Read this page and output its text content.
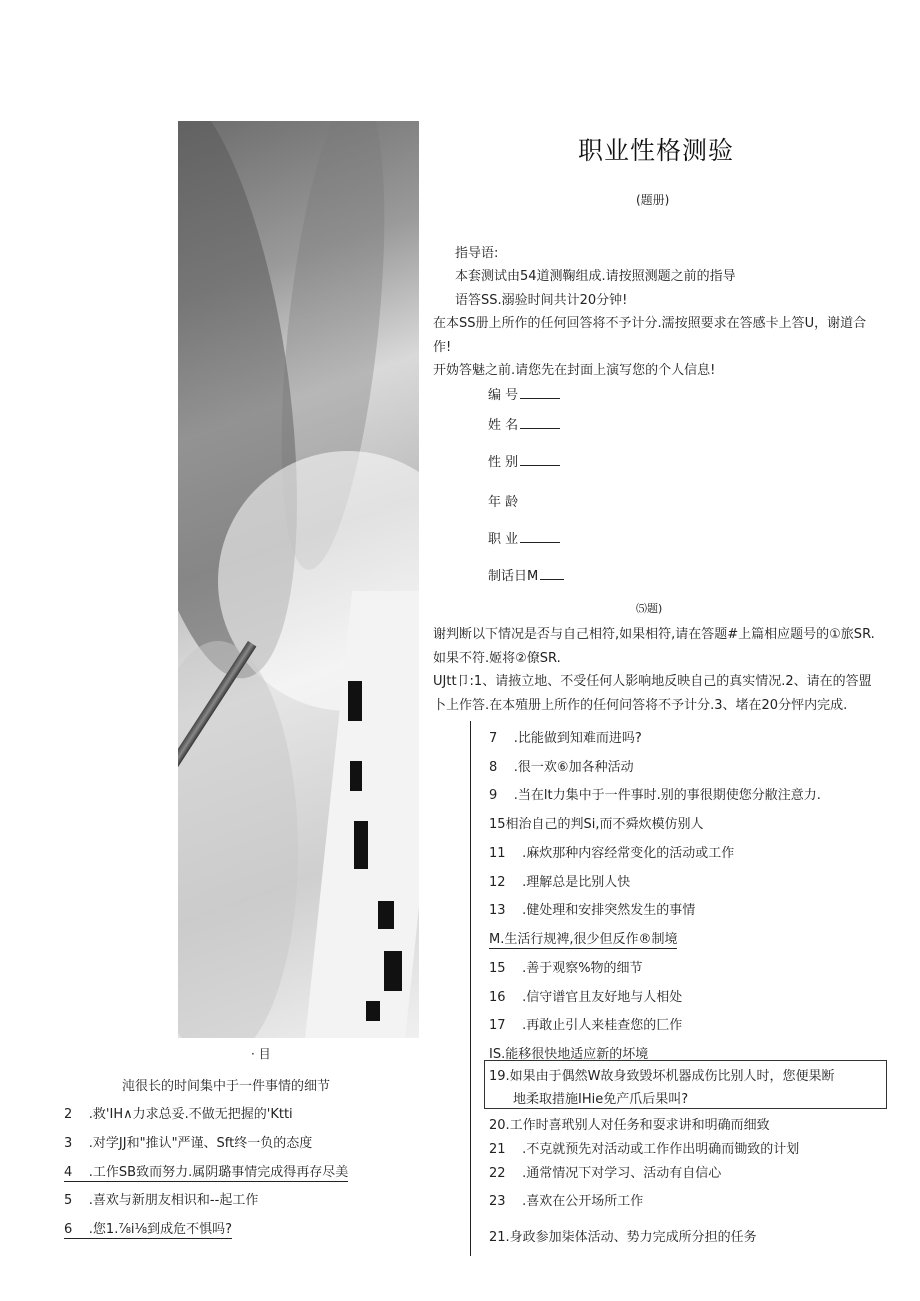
· 目
职业性格测验
(题册)
指导语:
本套测试由54道测鞠组成.请按照测题之前的指导
语答SS.溺验时间共计20分钟!
在本SS册上所作的任何回答将不予计分.濡按照要求在答感卡上答U，谢道合
作!
开妫答魅之前.请您先在封面上演写您的个人信息!
编 号
姓 名
性 别
年 龄
职 业
制话日M
⑸题)
谢判断以下情况是否与自己相符,如果相符,请在答题#上篇相应题号的①旅SR.
如果不符.姬将②僚SR.
UJtt卩:1、请掖立地、不受任何人影响地反映自己的真实情况.2、请在的答盟
卜上作答.在本殖册上所作的任何问答将不予计分.3、堵在20分怦内完成.
沌很长的时间集中于一件事情的细节
2    .救'IH∧力求总妥.不做无把握的'Ktti
3    .对学JJ和"推认"严谨、Sft终一负的态度
4    .工作SB致而努力.属阴璐事情完成得再存尽美
5    .喜欢与新朋友相识和--起工作
6    .您1.⅞i⅛到成危不惧吗?
7    .比能做到知难而进吗?
8    .很一欢⑥加各种活动
9    .当在lt力集中于一件事时.别的事很期使您分敝注意力.
15相治自己的判Si,而不舜炊模仿别人
11    .麻炊那种内容经常变化的活动或工作
12    .理解总是比别人快
13    .健处理和安排突然发生的事情
M.生活行规裨,很少但反作®制境
15    .善于观察%物的细节
16    .信守谱官且友好地与人相处
17    .再敢止引人来桂查您的匚作
IS.能移很快地适应新的坏境
19.如果由于偶然W故身致毁坏机器成伤比别人时，您便果断
地柔取措施IHie免产爪后果叫?
20.工作时喜玳别人对任务和耍求讲和明确而细致
21    .不克就预先对活动或工作作出明确而锄致的计划
22    .通常情况下对学习、活动有自信心
23    .喜欢在公开场所工作
21.身政参加柒体活动、势力完成所分担的任务
